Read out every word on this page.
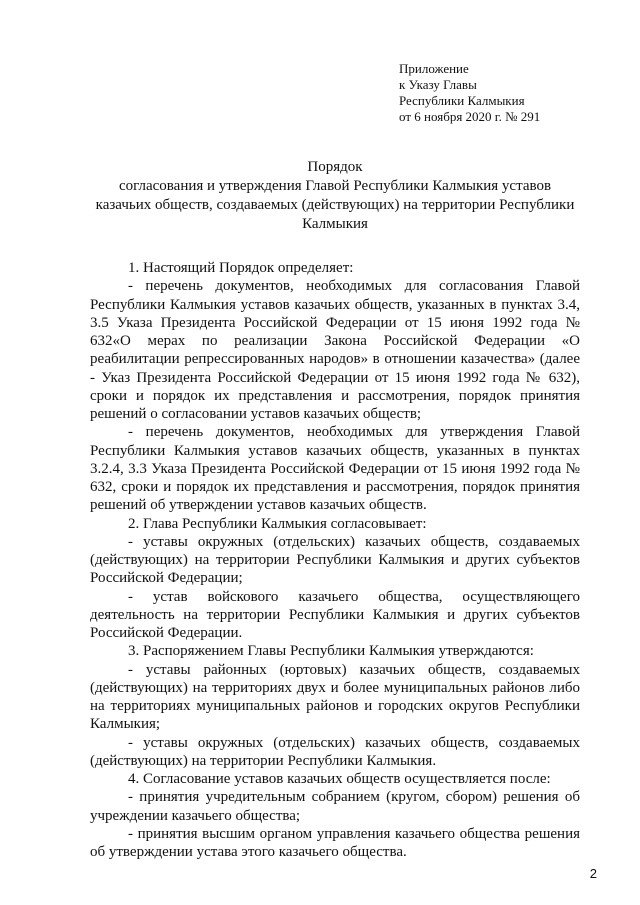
Приложение
к Указу Главы
Республики Калмыкия
от 6 ноября 2020 г. № 291
Порядок
согласования и утверждения Главой Республики Калмыкия уставов казачьих обществ, создаваемых (действующих) на территории Республики Калмыкия

1. Настоящий Порядок определяет:

- перечень документов, необходимых для согласования Главой Республики Калмыкия уставов казачьих обществ, указанных в пунктах 3.4, 3.5 Указа Президента Российской Федерации от 15 июня 1992 года № 632«О мерах по реализации Закона Российской Федерации «О реабилитации репрессированных народов» в отношении казачества» (далее - Указ Президента Российской Федерации от 15 июня 1992 года № 632), сроки и порядок их представления и рассмотрения, порядок принятия решений о согласовании уставов казачьих обществ;

- перечень документов, необходимых для утверждения Главой Республики Калмыкия уставов казачьих обществ, указанных в пунктах 3.2.4, 3.3 Указа Президента Российской Федерации от 15 июня 1992 года № 632, сроки и порядок их представления и рассмотрения, порядок принятия решений об утверждении уставов казачьих обществ.

2. Глава Республики Калмыкия согласовывает:

- уставы окружных (отдельских) казачьих обществ, создаваемых (действующих) на территории Республики Калмыкия и других субъектов Российской Федерации;

- устав войскового казачьего общества, осуществляющего деятельность на территории Республики Калмыкия и других субъектов Российской Федерации.

3. Распоряжением Главы Республики Калмыкия утверждаются:

- уставы районных (юртовых) казачьих обществ, создаваемых (действующих) на территориях двух и более муниципальных районов либо на территориях муниципальных районов и городских округов Республики Калмыкия;

- уставы окружных (отдельских) казачьих обществ, создаваемых (действующих) на территории Республики Калмыкия.

4. Согласование уставов казачьих обществ осуществляется после:

- принятия учредительным собранием (кругом, сбором) решения об учреждении казачьего общества;

- принятия высшим органом управления казачьего общества решения об утверждении устава этого казачьего общества.

2
